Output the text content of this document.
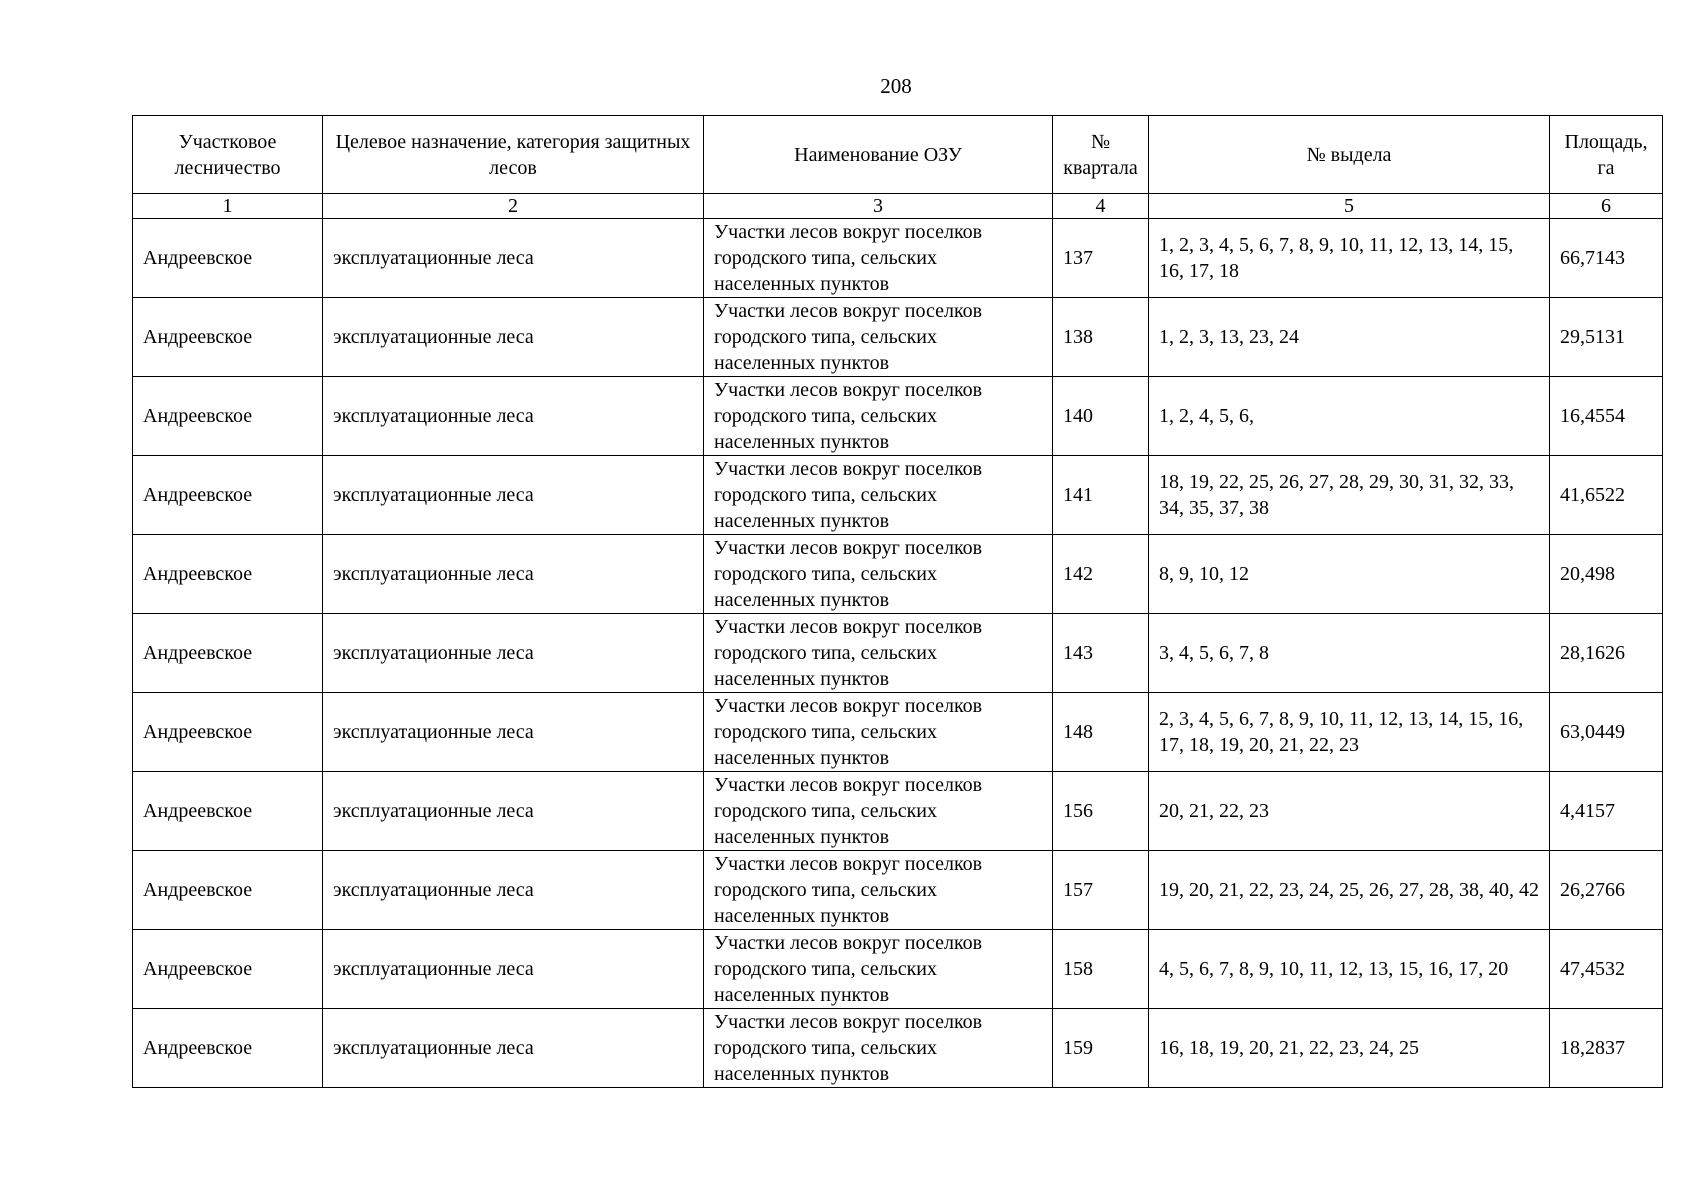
208
Участковое лесничество	Целевое назначение, категория защитных лесов	Наименование ОЗУ	№ квартала	№ выдела	Площадь, га
1	2	3	4	5	6
Андреевское	эксплуатационные леса	Участки лесов вокруг поселков городского типа, сельских населенных пунктов	137	1, 2, 3, 4, 5, 6, 7, 8, 9, 10, 11, 12, 13, 14, 15, 16, 17, 18	66,7143
Андреевское	эксплуатационные леса	Участки лесов вокруг поселков городского типа, сельских населенных пунктов	138	1, 2, 3, 13, 23, 24	29,5131
Андреевское	эксплуатационные леса	Участки лесов вокруг поселков городского типа, сельских населенных пунктов	140	1, 2, 4, 5, 6,	16,4554
Андреевское	эксплуатационные леса	Участки лесов вокруг поселков городского типа, сельских населенных пунктов	141	18, 19, 22, 25, 26, 27, 28, 29, 30, 31, 32, 33, 34, 35, 37, 38	41,6522
Андреевское	эксплуатационные леса	Участки лесов вокруг поселков городского типа, сельских населенных пунктов	142	8, 9, 10, 12	20,498
Андреевское	эксплуатационные леса	Участки лесов вокруг поселков городского типа, сельских населенных пунктов	143	3, 4, 5, 6, 7, 8	28,1626
Андреевское	эксплуатационные леса	Участки лесов вокруг поселков городского типа, сельских населенных пунктов	148	2, 3, 4, 5, 6, 7, 8, 9, 10, 11, 12, 13, 14, 15, 16, 17, 18, 19, 20, 21, 22, 23	63,0449
Андреевское	эксплуатационные леса	Участки лесов вокруг поселков городского типа, сельских населенных пунктов	156	20, 21, 22, 23	4,4157
Андреевское	эксплуатационные леса	Участки лесов вокруг поселков городского типа, сельских населенных пунктов	157	19, 20, 21, 22, 23, 24, 25, 26, 27, 28, 38, 40, 42	26,2766
Андреевское	эксплуатационные леса	Участки лесов вокруг поселков городского типа, сельских населенных пунктов	158	4, 5, 6, 7, 8, 9, 10, 11, 12, 13, 15, 16, 17, 20	47,4532
Андреевское	эксплуатационные леса	Участки лесов вокруг поселков городского типа, сельских населенных пунктов	159	16, 18, 19, 20, 21, 22, 23, 24, 25	18,2837
